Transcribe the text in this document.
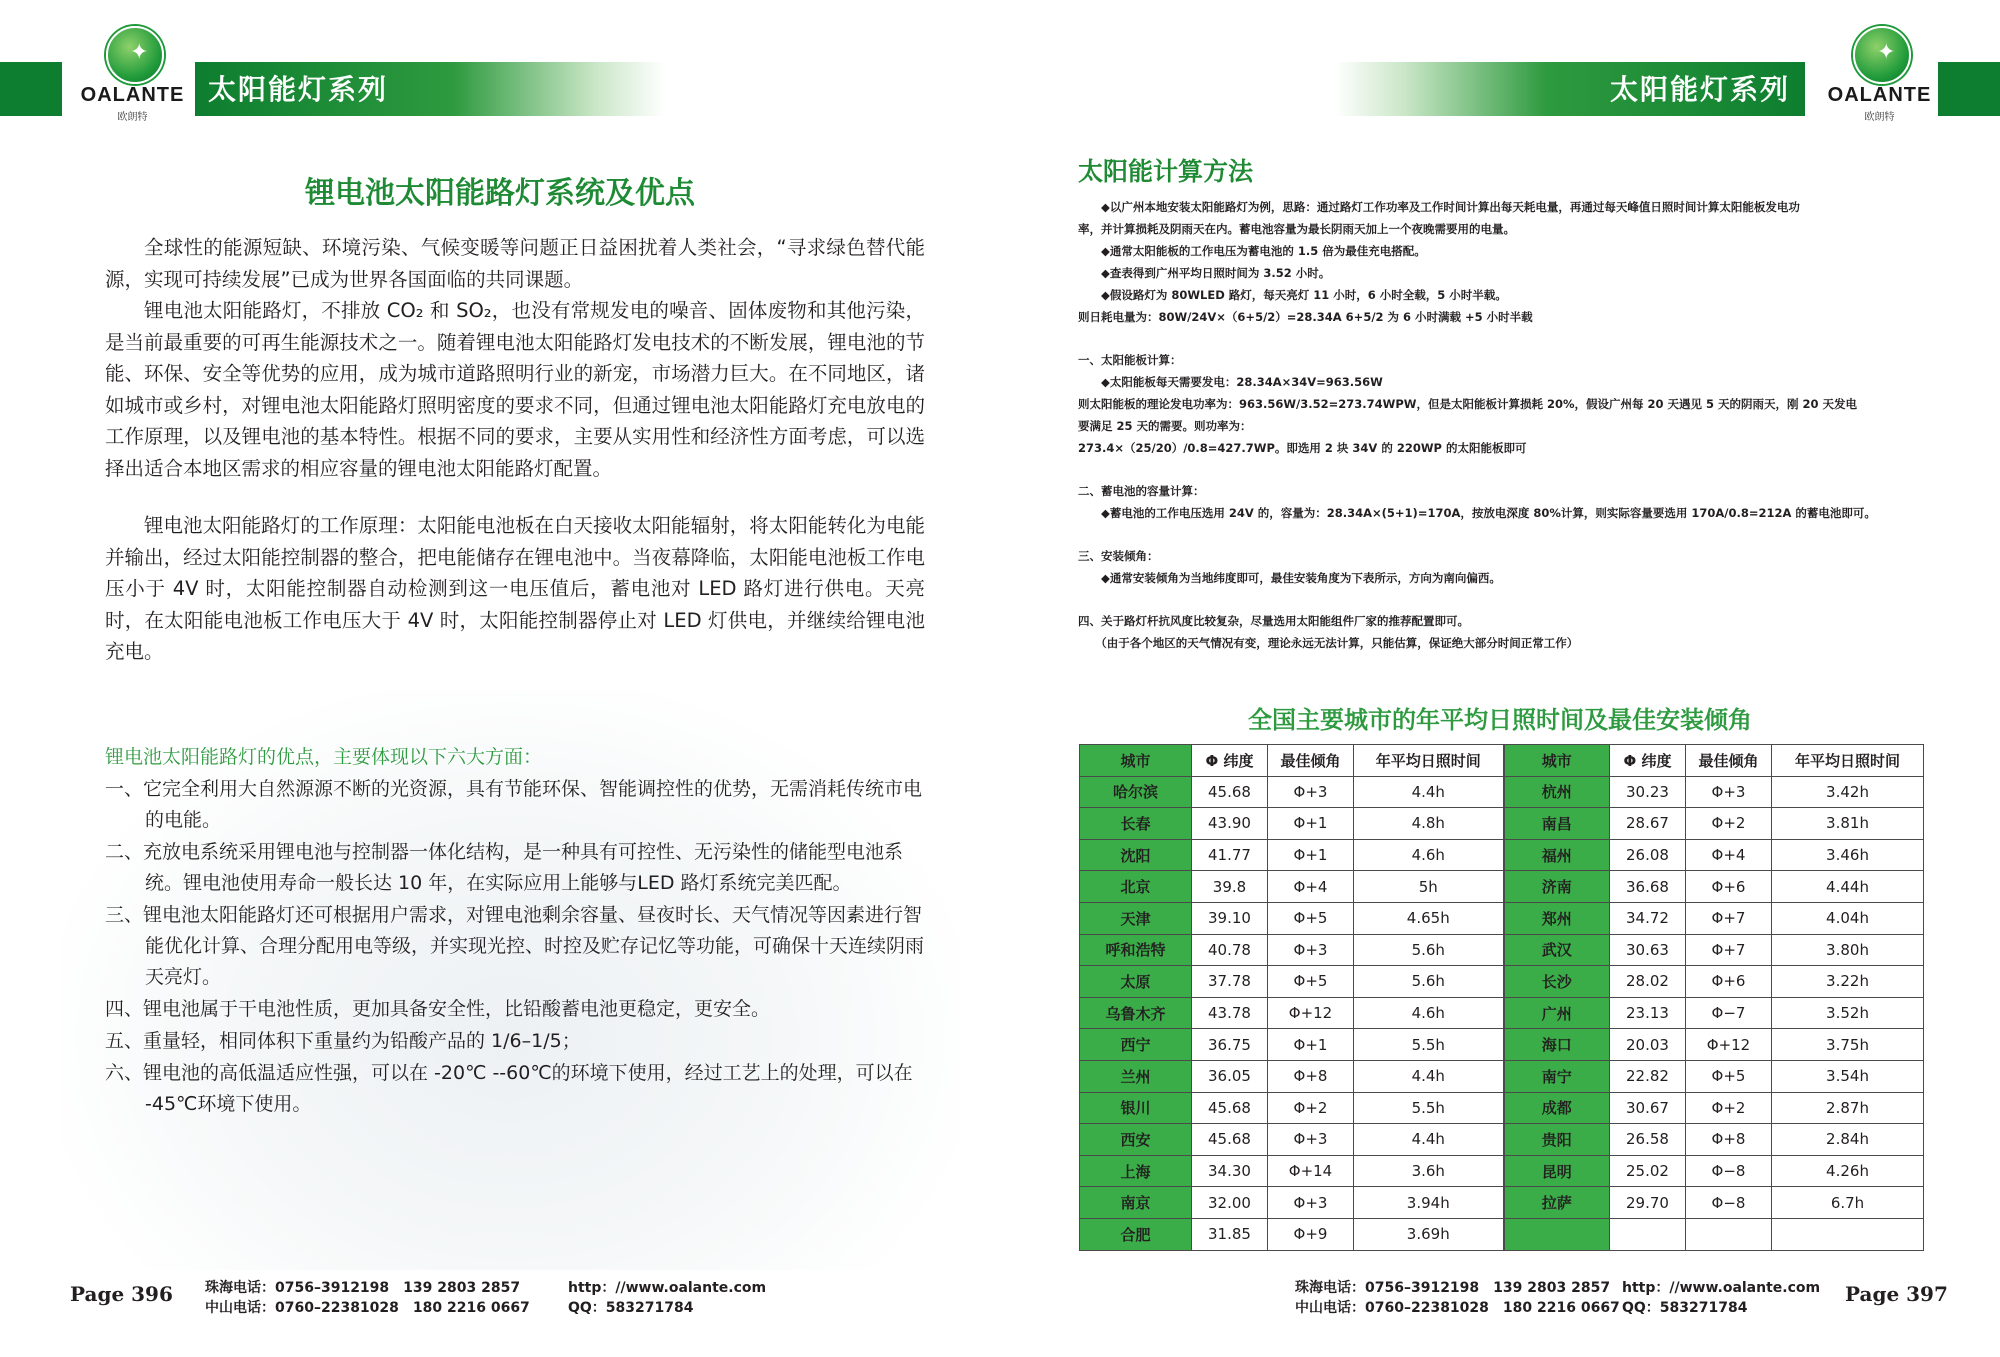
太阳能灯系列
✦
OALANTE
欧朗特
锂电池太阳能路灯系统及优点

全球性的能源短缺、环境污染、气候变暖等问题正日益困扰着人类社会，“寻求绿色替代能源，实现可持续发展”已成为世界各国面临的共同课题。

锂电池太阳能路灯，不排放 CO₂ 和 SO₂，也没有常规发电的噪音、固体废物和其他污染，是当前最重要的可再生能源技术之一。随着锂电池太阳能路灯发电技术的不断发展，锂电池的节能、环保、安全等优势的应用，成为城市道路照明行业的新宠，市场潜力巨大。在不同地区，诸如城市或乡村，对锂电池太阳能路灯照明密度的要求不同，但通过锂电池太阳能路灯充电放电的工作原理，以及锂电池的基本特性。根据不同的要求，主要从实用性和经济性方面考虑，可以选择出适合本地区需求的相应容量的锂电池太阳能路灯配置。

锂电池太阳能路灯的工作原理：太阳能电池板在白天接收太阳能辐射，将太阳能转化为电能并输出，经过太阳能控制器的整合，把电能储存在锂电池中。当夜幕降临，太阳能电池板工作电压小于 4V 时，太阳能控制器自动检测到这一电压值后，蓄电池对 LED 路灯进行供电。天亮时，在太阳能电池板工作电压大于 4V 时，太阳能控制器停止对 LED 灯供电，并继续给锂电池充电。

锂电池太阳能路灯的优点，主要体现以下六大方面：
一、它完全利用大自然源源不断的光资源，具有节能环保、智能调控性的优势，无需消耗传统市电的电能。
二、充放电系统采用锂电池与控制器一体化结构，是一种具有可控性、无污染性的储能型电池系统。锂电池使用寿命一般长达 10 年，在实际应用上能够与LED 路灯系统完美匹配。
三、锂电池太阳能路灯还可根据用户需求，对锂电池剩余容量、昼夜时长、天气情况等因素进行智能优化计算、合理分配用电等级，并实现光控、时控及贮存记忆等功能，可确保十天连续阴雨天亮灯。
四、锂电池属于干电池性质，更加具备安全性，比铅酸蓄电池更稳定，更安全。
五、重量轻，相同体积下重量约为铅酸产品的 1/6–1/5；
六、锂电池的高低温适应性强，可以在 -20℃ --60℃的环境下使用，经过工艺上的处理，可以在 -45℃环境下使用。
Page 396 珠海电话：0756–3912198　139 2803 2857
中山电话：0760–22381028　180 2216 0667
http：//www.oalante.com
QQ：583271784
太阳能灯系列
✦
OALANTE
欧朗特
太阳能计算方法
　　◆以广州本地安装太阳能路灯为例，思路：通过路灯工作功率及工作时间计算出每天耗电量，再通过每天峰值日照时间计算太阳能板发电功
率，并计算损耗及阴雨天在内。蓄电池容量为最长阴雨天加上一个夜晚需要用的电量。
　　◆通常太阳能板的工作电压为蓄电池的 1.5 倍为最佳充电搭配。
　　◆查表得到广州平均日照时间为 3.52 小时。
　　◆假设路灯为 80WLED 路灯，每天亮灯 11 小时，6 小时全载，5 小时半载。
则日耗电量为：80W/24V×（6+5/2）=28.34A 6+5/2 为 6 小时满载 +5 小时半载
一、太阳能板计算：
　　◆太阳能板每天需要发电：28.34A×34V=963.56W
则太阳能板的理论发电功率为：963.56W/3.52=273.74WPW，但是太阳能板计算损耗 20%，假设广州每 20 天遇见 5 天的阴雨天，刚 20 天发电
要满足 25 天的需要。则功率为：
273.4×（25/20）/0.8=427.7WP。即选用 2 块 34V 的 220WP 的太阳能板即可
二、蓄电池的容量计算：
　　◆蓄电池的工作电压选用 24V 的，容量为：28.34A×(5+1)=170A，按放电深度 80%计算，则实际容量要选用 170A/0.8=212A 的蓄电池即可。
三、安装倾角：
　　◆通常安装倾角为当地纬度即可，最佳安装角度为下表所示，方向为南向偏西。
四、关于路灯杆抗风度比较复杂，尽量选用太阳能组件厂家的推荐配置即可。
　　（由于各个地区的天气情况有变，理论永远无法计算，只能估算，保证绝大部分时间正常工作）
全国主要城市的年平均日照时间及最佳安装倾角
城市	Φ 纬度	最佳倾角	年平均日照时间	城市	Φ 纬度	最佳倾角	年平均日照时间
哈尔滨	45.68	Φ+3	4.4h	杭州	30.23	Φ+3	3.42h
长春	43.90	Φ+1	4.8h	南昌	28.67	Φ+2	3.81h
沈阳	41.77	Φ+1	4.6h	福州	26.08	Φ+4	3.46h
北京	39.8	Φ+4	5h	济南	36.68	Φ+6	4.44h
天津	39.10	Φ+5	4.65h	郑州	34.72	Φ+7	4.04h
呼和浩特	40.78	Φ+3	5.6h	武汉	30.63	Φ+7	3.80h
太原	37.78	Φ+5	5.6h	长沙	28.02	Φ+6	3.22h
乌鲁木齐	43.78	Φ+12	4.6h	广州	23.13	Φ−7	3.52h
西宁	36.75	Φ+1	5.5h	海口	20.03	Φ+12	3.75h
兰州	36.05	Φ+8	4.4h	南宁	22.82	Φ+5	3.54h
银川	45.68	Φ+2	5.5h	成都	30.67	Φ+2	2.87h
西安	45.68	Φ+3	4.4h	贵阳	26.58	Φ+8	2.84h
上海	34.30	Φ+14	3.6h	昆明	25.02	Φ−8	4.26h
南京	32.00	Φ+3	3.94h	拉萨	29.70	Φ−8	6.7h
合肥	31.85	Φ+9	3.69h				
珠海电话：0756–3912198　139 2803 2857
中山电话：0760–22381028　180 2216 0667
http：//www.oalante.com
QQ：583271784
Page 397
